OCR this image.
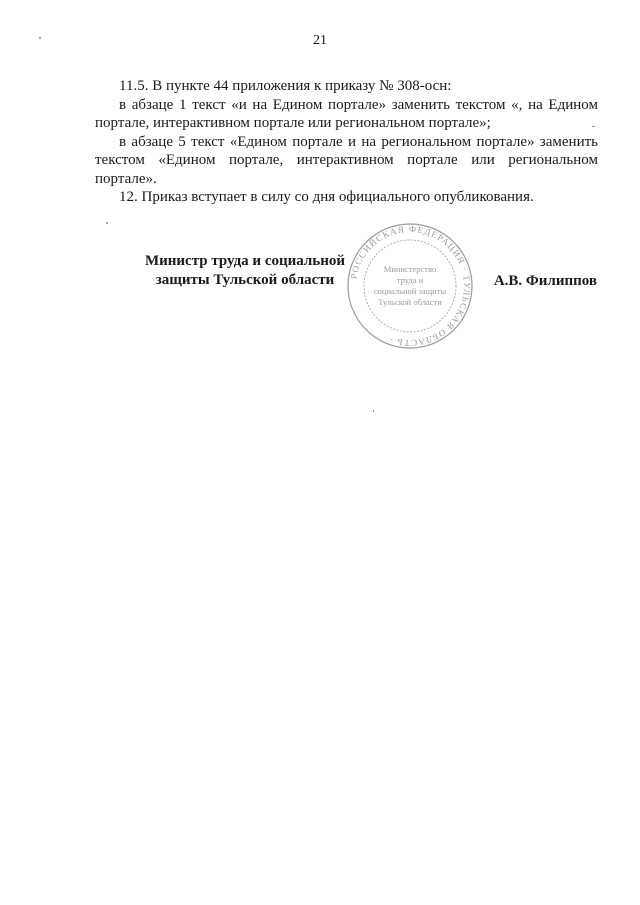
21

11.5. В пункте 44 приложения к приказу № 308-осн:

в абзаце 1 текст «и на Едином портале» заменить текстом «, на Едином портале, интерактивном портале или региональном портале»;

в абзаце 5 текст «Едином портале и на региональном портале» заменить текстом «Едином портале, интерактивном портале или региональном портале».

12. Приказ вступает в силу со дня официального опубликования.

Министр труда и социальной
защиты Тульской области	А.В. Филиппов
РОССИЙСКАЯ ФЕДЕРАЦИЯ · ТУЛЬСКАЯ ОБЛАСТЬ ·
Министерство
труда и
социальной защиты
Тульской области
